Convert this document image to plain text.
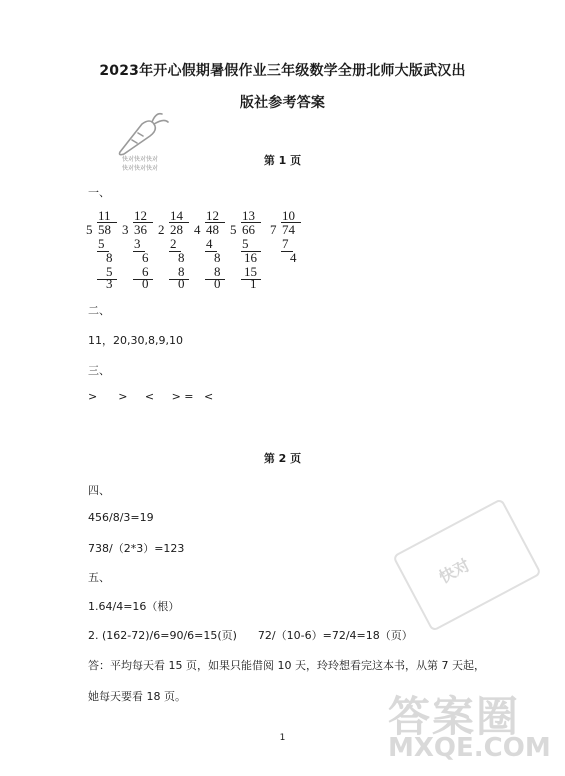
2023年开心假期暑假作业三年级数学全册北师大版武汉出
版社参考答案
快对快对快对
快对快对快对
第 1 页
一、
11
5 58
5
8
5
3
12
3 36
3
6
6
0
14
2 28
2
8
8
0
12
4 48
4
8
8
0
13
5 66
5
16
15
1
10
7 74
7
4
二、
11，20,30,8,9,10
三、
>      >     <     > =   <
第 2 页
四、
456/8/3=19
738/（2*3）=123
五、
1.64/4=16（根）
2. (162-72)/6=90/6=15(页)      72/（10-6）=72/4=18（页）
答：平均每天看 15 页，如果只能借阅 10 天，玲玲想看完这本书，从第 7 天起，
她每天要看 18 页。
快对
答案圈
MXQE.COM
1
